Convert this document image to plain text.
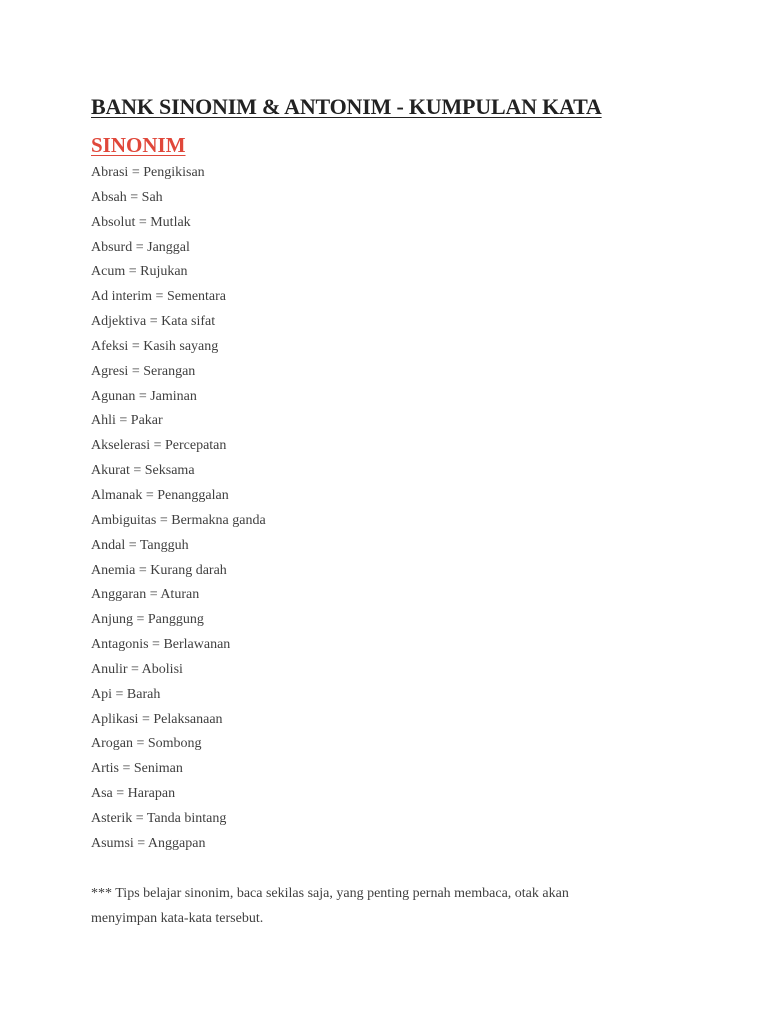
BANK SINONIM & ANTONIM - KUMPULAN KATA
SINONIM
Abrasi = Pengikisan
Absah = Sah
Absolut = Mutlak
Absurd = Janggal
Acum = Rujukan
Ad interim = Sementara
Adjektiva = Kata sifat
Afeksi = Kasih sayang
Agresi = Serangan
Agunan = Jaminan
Ahli = Pakar
Akselerasi = Percepatan
Akurat = Seksama
Almanak = Penanggalan
Ambiguitas = Bermakna ganda
Andal = Tangguh
Anemia = Kurang darah
Anggaran = Aturan
Anjung = Panggung
Antagonis = Berlawanan
Anulir = Abolisi
Api = Barah
Aplikasi = Pelaksanaan
Arogan = Sombong
Artis = Seniman
Asa = Harapan
Asterik = Tanda bintang
Asumsi = Anggapan

*** Tips belajar sinonim, baca sekilas saja, yang penting pernah membaca, otak akan menyimpan kata-kata tersebut.
